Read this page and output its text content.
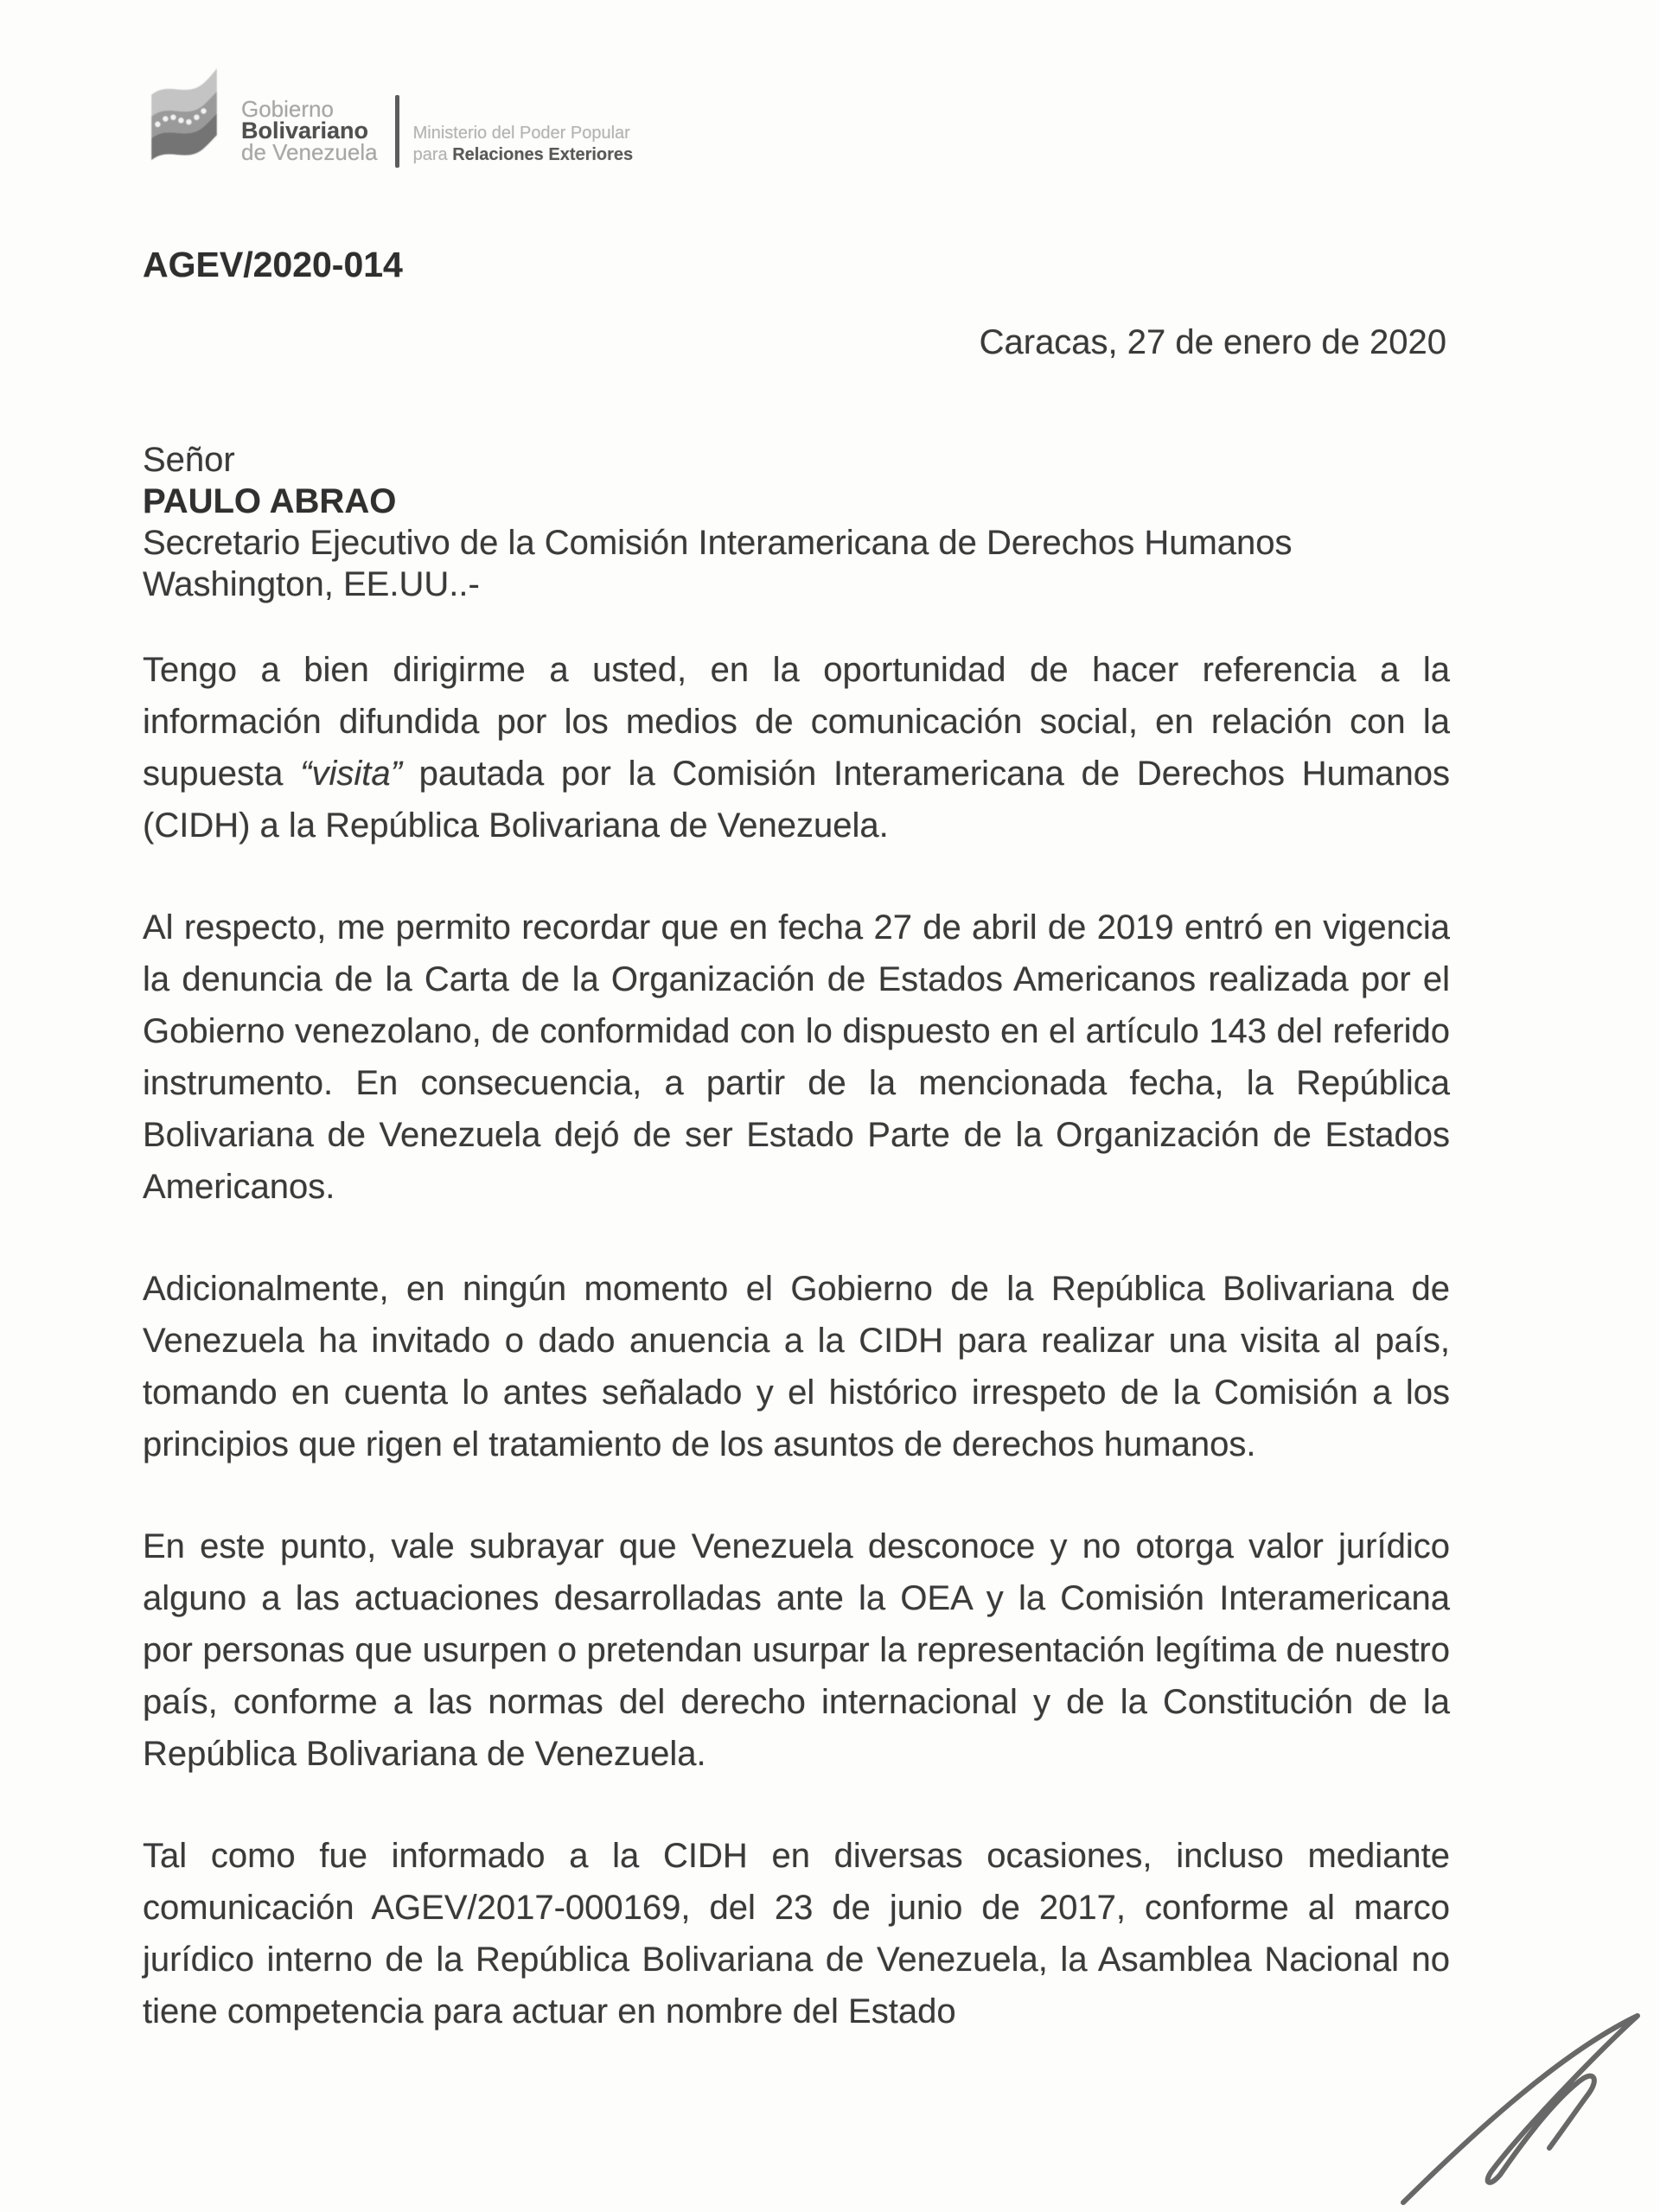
Gobierno
Bolivariano
de Venezuela
Ministerio del Poder Popular
para Relaciones Exteriores
AGEV/2020-014
Caracas, 27 de enero de 2020
Señor
PAULO ABRAO
Secretario Ejecutivo de la Comisión Interamericana de Derechos Humanos
Washington, EE.UU..-

Tengo a bien dirigirme a usted, en la oportunidad de hacer referencia a la información difundida por los medios de comunicación social, en relación con la supuesta “visita” pautada por la Comisión Interamericana de Derechos Humanos (CIDH) a la República Bolivariana de Venezuela.

Al respecto, me permito recordar que en fecha 27 de abril de 2019 entró en vigencia la denuncia de la Carta de la Organización de Estados Americanos realizada por el Gobierno venezolano, de conformidad con lo dispuesto en el artículo 143 del referido instrumento. En consecuencia, a partir de la mencionada fecha, la República Bolivariana de Venezuela dejó de ser Estado Parte de la Organización de Estados Americanos.

Adicionalmente, en ningún momento el Gobierno de la República Bolivariana de Venezuela ha invitado o dado anuencia a la CIDH para realizar una visita al país, tomando en cuenta lo antes señalado y el histórico irrespeto de la Comisión a los principios que rigen el tratamiento de los asuntos de derechos humanos.

En este punto, vale subrayar que Venezuela desconoce y no otorga valor jurídico alguno a las actuaciones desarrolladas ante la OEA y la Comisión Interamericana por personas que usurpen o pretendan usurpar la representación legítima de nuestro país, conforme a las normas del derecho internacional y de la Constitución de la República Bolivariana de Venezuela.

Tal como fue informado a la CIDH en diversas ocasiones, incluso mediante comunicación AGEV/2017-000169, del 23 de junio de 2017, conforme al marco jurídico interno de la República Bolivariana de Venezuela, la Asamblea Nacional no tiene competencia para actuar en nombre del Estado
